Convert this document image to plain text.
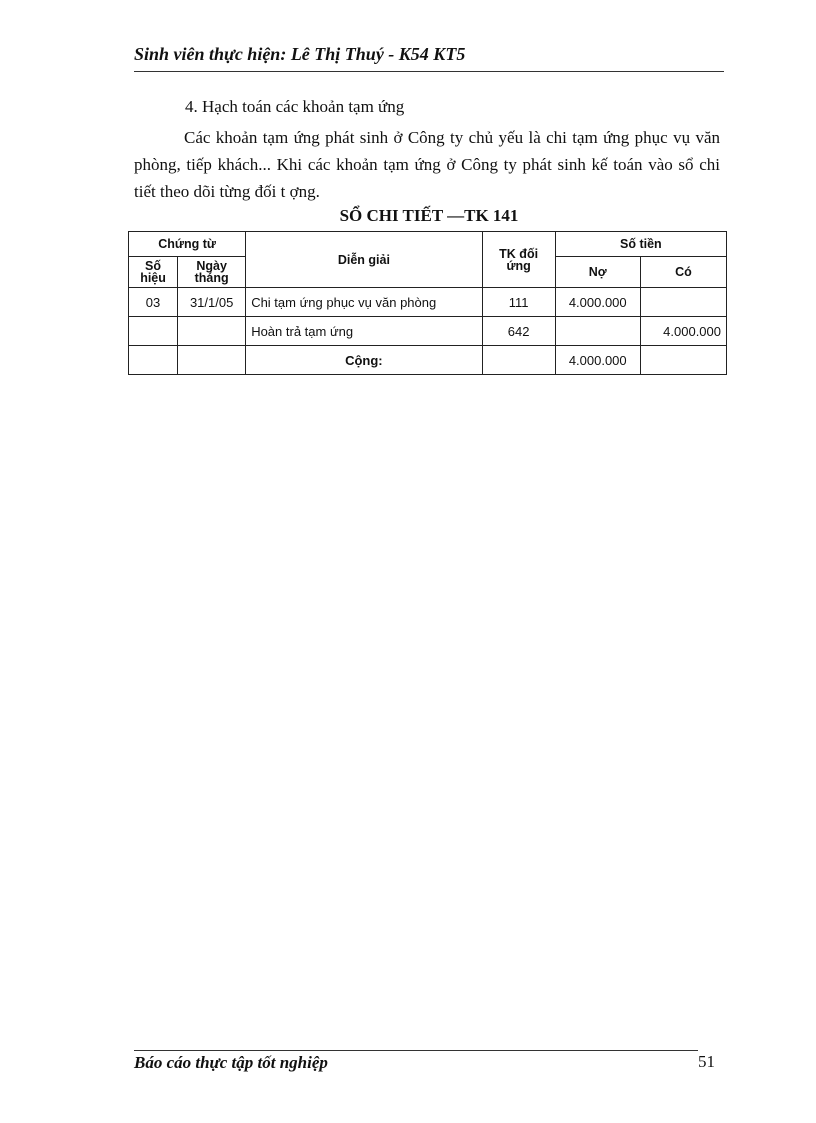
Sinh viên thực hiện: Lê Thị Thuý - K54 KT5
4. Hạch toán các khoản tạm ứng
Các khoản tạm ứng phát sinh ở Công ty chủ yếu là chi tạm ứng phục vụ văn phòng, tiếp khách... Khi các khoản tạm ứng ở Công ty phát sinh kế toán vào sổ chi tiết theo dõi từng đối t ợng.
SỔ CHI TIẾT —TK 141
Chứng từ		Diễn giải	TK đối ứng	Số tiền	
Số hiệu	Ngày tháng			Nợ	Có
03	31/1/05	Chi tạm ứng phục vụ văn phòng	111	4.000.000	
		Hoàn trả tạm ứng	642		4.000.000
		Cộng:		4.000.000	
Báo cáo thực tập tốt nghiệp	51
